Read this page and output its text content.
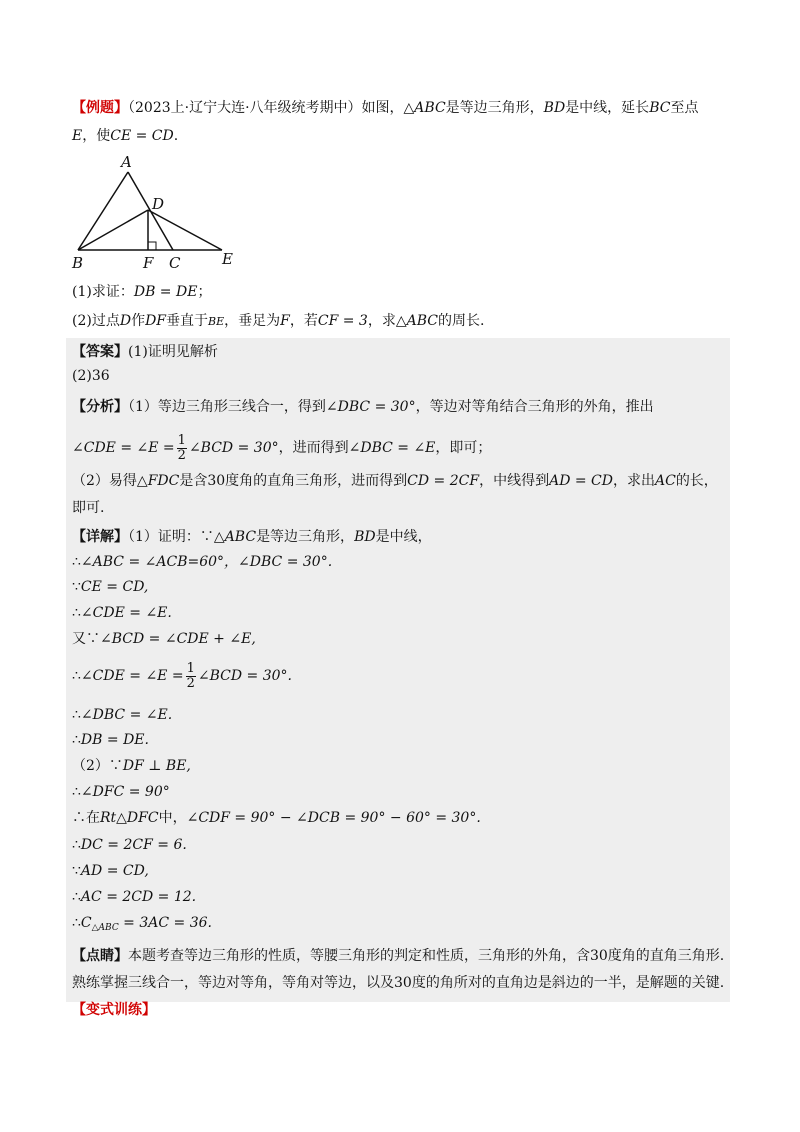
【例题】（2023上·辽宁大连·八年级统考期中）如图，△ABC是等边三角形，BD是中线，延长BC至点
E，使CE = CD.
A
D
B	F C	E
(1)求证：DB = DE；
(2)过点D作DF垂直于BE，垂足为F，若CF = 3，求△ABC的周长.
【答案】(1)证明见解析
(2)36
【分析】（1）等边三角形三线合一，得到∠DBC = 30°，等边对等角结合三角形的外角，推出
∠CDE = ∠E = $\frac{1}{2}$ ∠BCD = 30°，进而得到∠DBC = ∠E，即可；
（2）易得△FDC是含30度角的直角三角形，进而得到CD = 2CF，中线得到AD = CD，求出AC的长，
即可.
【详解】（1）证明：∵△ABC是等边三角形，BD是中线，
∴∠ABC = ∠ACB=60°，∠DBC = 30°.
∵CE = CD,
∴∠CDE = ∠E.
又∵∠BCD = ∠CDE + ∠E,
∴∠CDE = ∠E = $\frac{1}{2}$ ∠BCD = 30°.
∴∠DBC = ∠E.
∴DB = DE.
（2）∵DF ⊥ BE,
∴∠DFC = 90°
∴在Rt△DFC中，∠CDF = 90° − ∠DCB = 90° − 60° = 30°.
∴DC = 2CF = 6.
∵AD = CD,
∴AC = 2CD = 12.
$\therefore C_{\triangle ABC} = 3AC = 36$.
【点睛】本题考查等边三角形的性质，等腰三角形的判定和性质，三角形的外角，含30度角的直角三角形.
熟练掌握三线合一，等边对等角，等角对等边，以及30度的角所对的直角边是斜边的一半，是解题的关键.
【变式训练】
